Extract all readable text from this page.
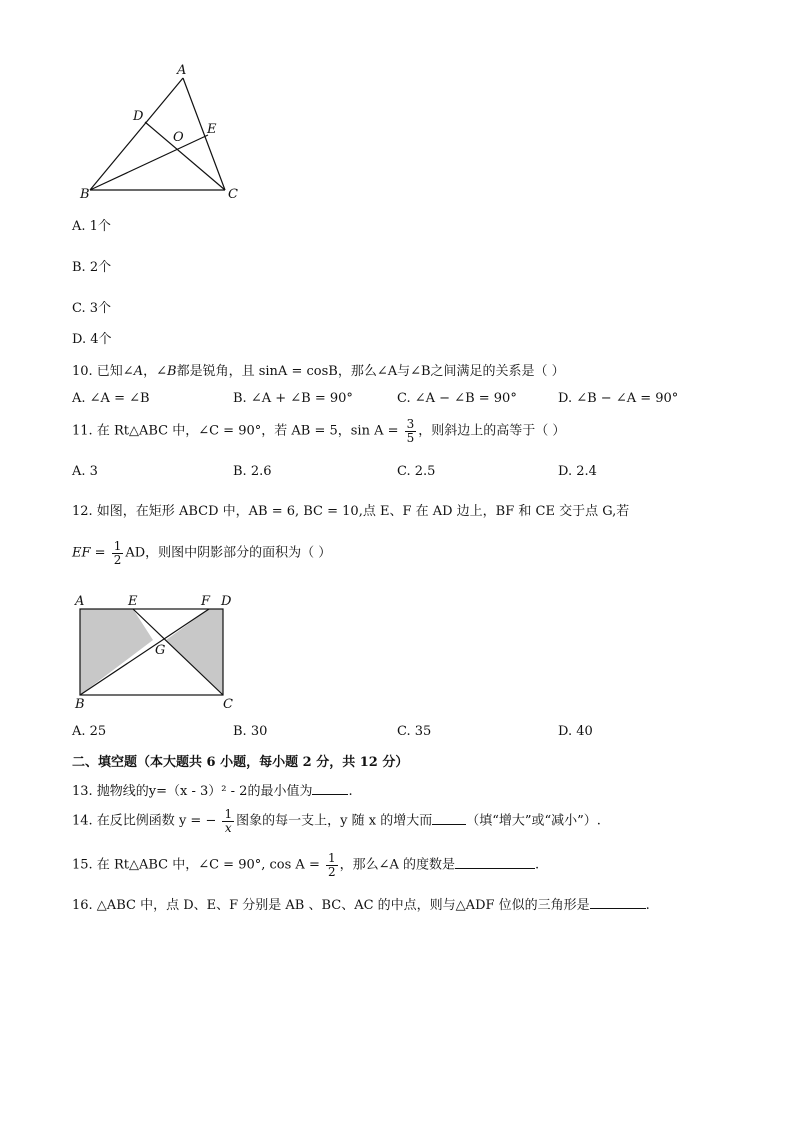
A
D
O
E
B	C
A. 1个
B. 2个
C. 3个
D. 4个
10. 已知∠A，∠B都是锐角，且 sinA = cosB，那么∠A与∠B之间满足的关系是（ ）
A. ∠A = ∠B	B. ∠A + ∠B = 90°	C. ∠A − ∠B = 90°	D. ∠B − ∠A = 90°
11. 在 Rt△ABC 中，∠C = 90°，若 AB = 5，$\sin A = \frac{3}{5}$ ，则斜边上的高等于（ ）
A. 3	B. 2.6	C. 2.5	D. 2.4
12. 如图，在矩形 ABCD 中，AB = 6, BC = 10,点 E、F 在 AD 边上，BF 和 CE 交于点 G,若
EF = $\frac{1}{2}$ AD，则图中阴影部分的面积为（ ）
A	E	F D
G
B	C
A. 25	B. 30	C. 35	D. 40
二、填空题（本大题共 6 小题，每小题 2 分，共 12 分）
13. 抛物线的y=（x - 3）² - 2的最小值为	.
14. 在反比例函数 y = − $\frac{1}{x}$ 图象的每一支上，y 随 x 的增大而	（填“增大”或“减小”）.
15. 在 Rt△ABC 中，∠C = 90°, $\cos A = \frac{1}{2}$ ，那么∠A 的度数是	.
16. △ABC 中，点 D、E、F 分别是 AB 、BC、AC 的中点，则与△ADF 位似的三角形是	.
